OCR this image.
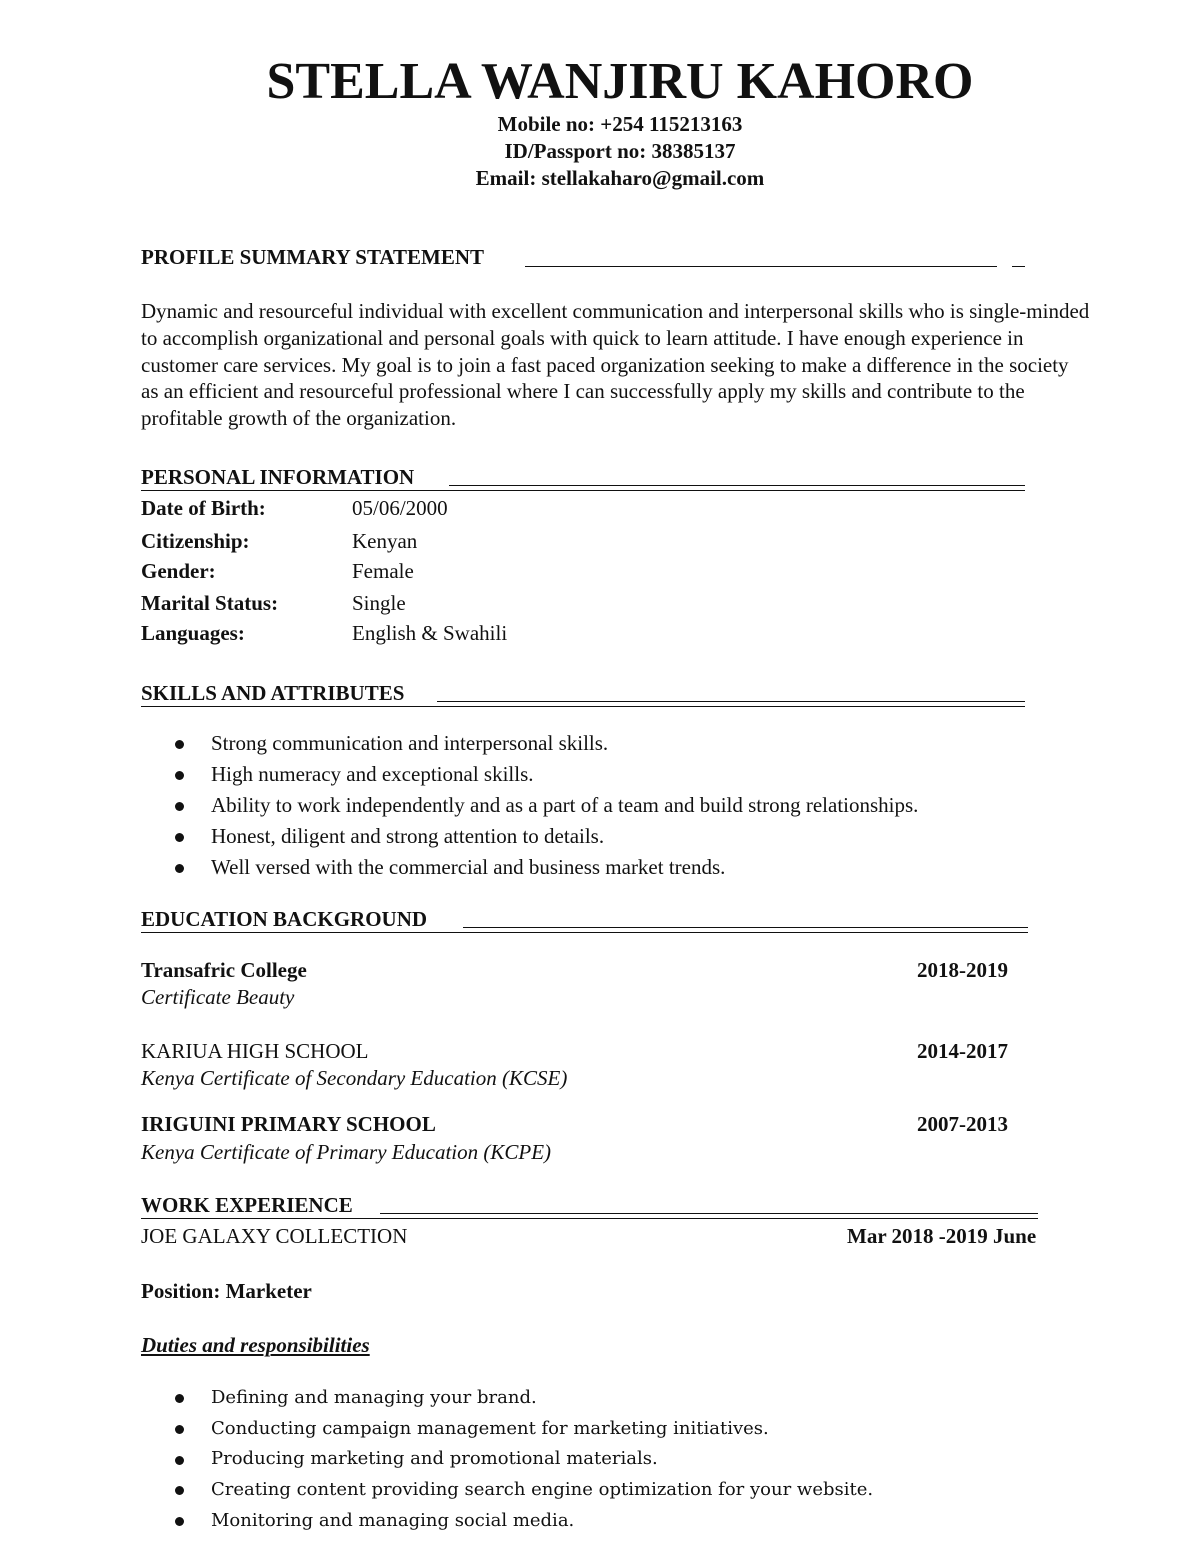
STELLA WANJIRU KAHORO
Mobile no: +254 115213163
ID/Passport no: 38385137
Email: stellakaharo@gmail.com
PROFILE SUMMARY STATEMENT
Dynamic and resourceful individual with excellent communication and interpersonal skills who is single-minded to accomplish organizational and personal goals with quick to learn attitude. I have enough experience in customer care services. My goal is to join a fast paced organization seeking to make a difference in the society as an efficient and resourceful professional where I can successfully apply my skills and contribute to the profitable growth of the organization.
PERSONAL INFORMATION
Date of Birth:	05/06/2000
Citizenship:	Kenyan
Gender:	Female
Marital Status:	Single
Languages:	English & Swahili
SKILLS AND ATTRIBUTES
Strong communication and interpersonal skills.
High numeracy and exceptional skills.
Ability to work independently and as a part of a team and build strong relationships.
Honest, diligent and strong attention to details.
Well versed with the commercial and business market trends.
EDUCATION BACKGROUND
Transafric College	2018-2019
Certificate Beauty
KARIUA HIGH SCHOOL	2014-2017
Kenya Certificate of Secondary Education (KCSE)
IRIGUINI PRIMARY SCHOOL	2007-2013
Kenya Certificate of Primary Education (KCPE)
WORK EXPERIENCE
JOE GALAXY COLLECTION	Mar 2018 -2019 June
Position: Marketer
Duties and responsibilities
Defining and managing your brand.
Conducting campaign management for marketing initiatives.
Producing marketing and promotional materials.
Creating content providing search engine optimization for your website.
Monitoring and managing social media.
